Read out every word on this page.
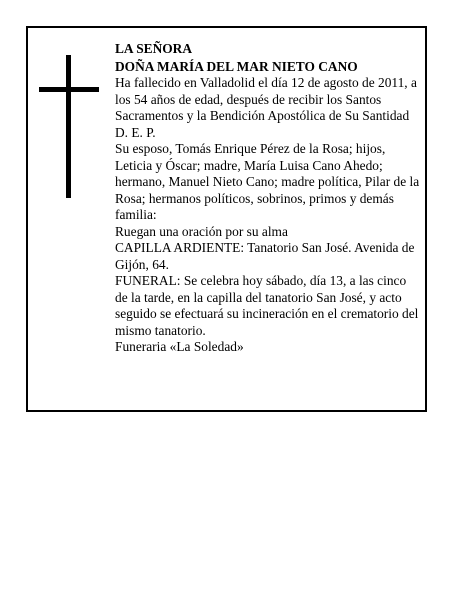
LA SEÑORA

DOÑA MARÍA DEL MAR NIETO CANO

Ha fallecido en Valladolid el día 12 de agosto de 2011, a los 54 años de edad, después de recibir los Santos Sacramentos y la Bendición Apostólica de Su Santidad D. E. P.

Su esposo, Tomás Enrique Pérez de la Rosa; hijos, Leticia y Óscar; madre, María Luisa Cano Ahedo; hermano, Manuel Nieto Cano; madre política, Pilar de la Rosa; hermanos políticos, sobrinos, primos y demás familia:

Ruegan una oración por su alma

CAPILLA ARDIENTE: Tanatorio San José. Avenida de Gijón, 64.

FUNERAL: Se celebra hoy sábado, día 13, a las cinco de la tarde, en la capilla del tanatorio San José, y acto seguido se efectuará su incineración en el crematorio del mismo tanatorio.

Funeraria «La Soledad»
